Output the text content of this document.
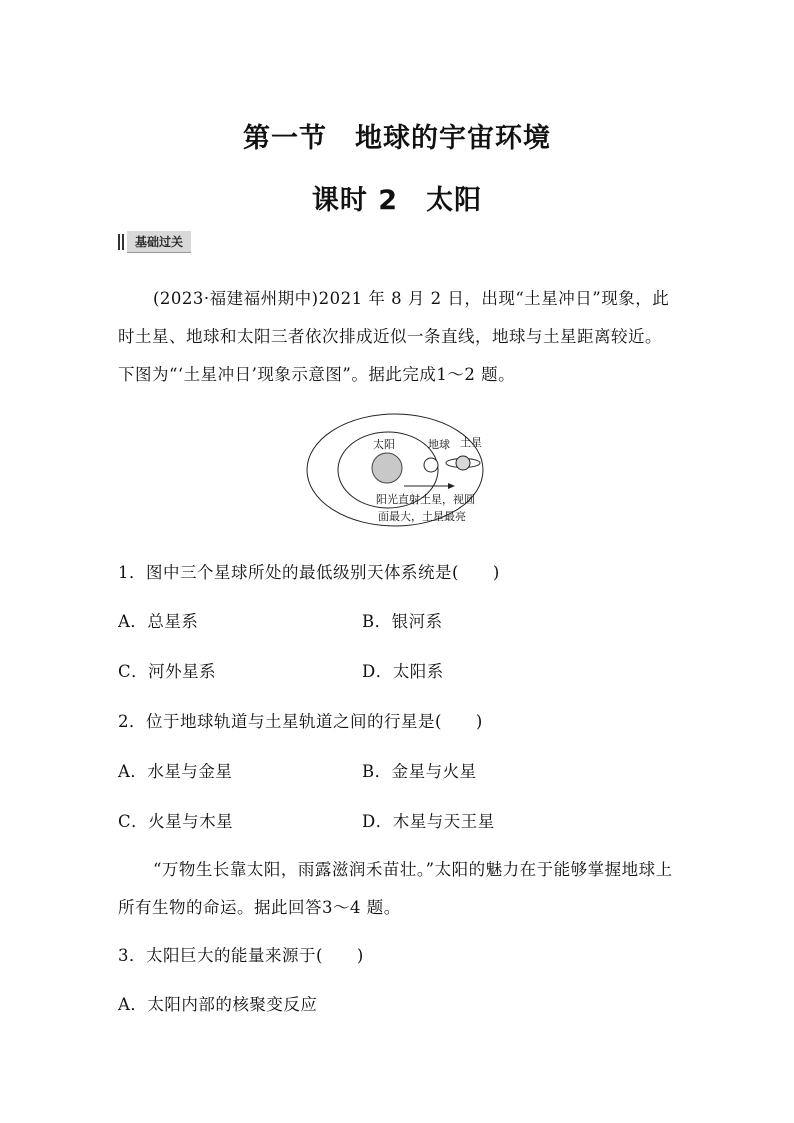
第一节　地球的宇宙环境
课时 2　太阳
基础过关

(2023·福建福州期中)2021 年 8 月 2 日，出现“土星冲日”现象，此时土星、地球和太阳三者依次排成近似一条直线，地球与土星距离较近。下图为“‘土星冲日’现象示意图”。据此完成1～2 题。

太阳	地球 土星
阳光直射土星，视圆
面最大，土星最亮
1．图中三个星球所处的最低级别天体系统是(　　)
A．总星系	B．银河系
C．河外星系	D．太阳系
2．位于地球轨道与土星轨道之间的行星是(　　)
A．水星与金星	B．金星与火星
C．火星与木星	D．木星与天王星

“万物生长靠太阳，雨露滋润禾苗壮。”太阳的魅力在于能够掌握地球上所有生物的命运。据此回答3～4 题。

3．太阳巨大的能量来源于(　　)
A．太阳内部的核聚变反应
